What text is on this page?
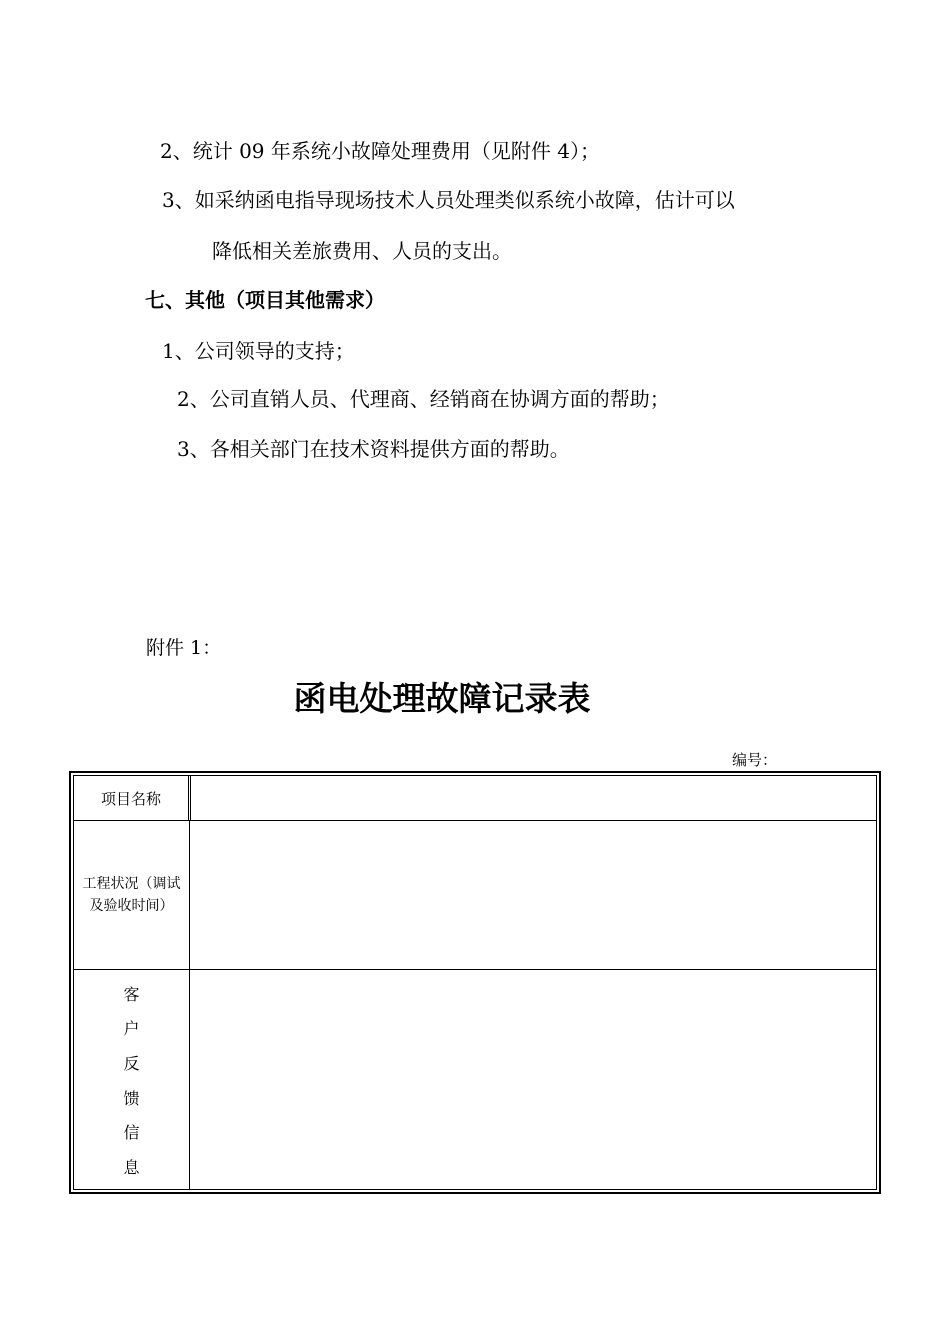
2、统计 09 年系统小故障处理费用（见附件 4）；
3、如采纳函电指导现场技术人员处理类似系统小故障，估计可以
降低相关差旅费用、人员的支出。
七、其他（项目其他需求）
1、公司领导的支持；
2、公司直销人员、代理商、经销商在协调方面的帮助；
3、各相关部门在技术资料提供方面的帮助。
附件 1：
函电处理故障记录表
编号：
项目名称
工程状况（调试及验收时间）
客
户
反
馈
信
息
